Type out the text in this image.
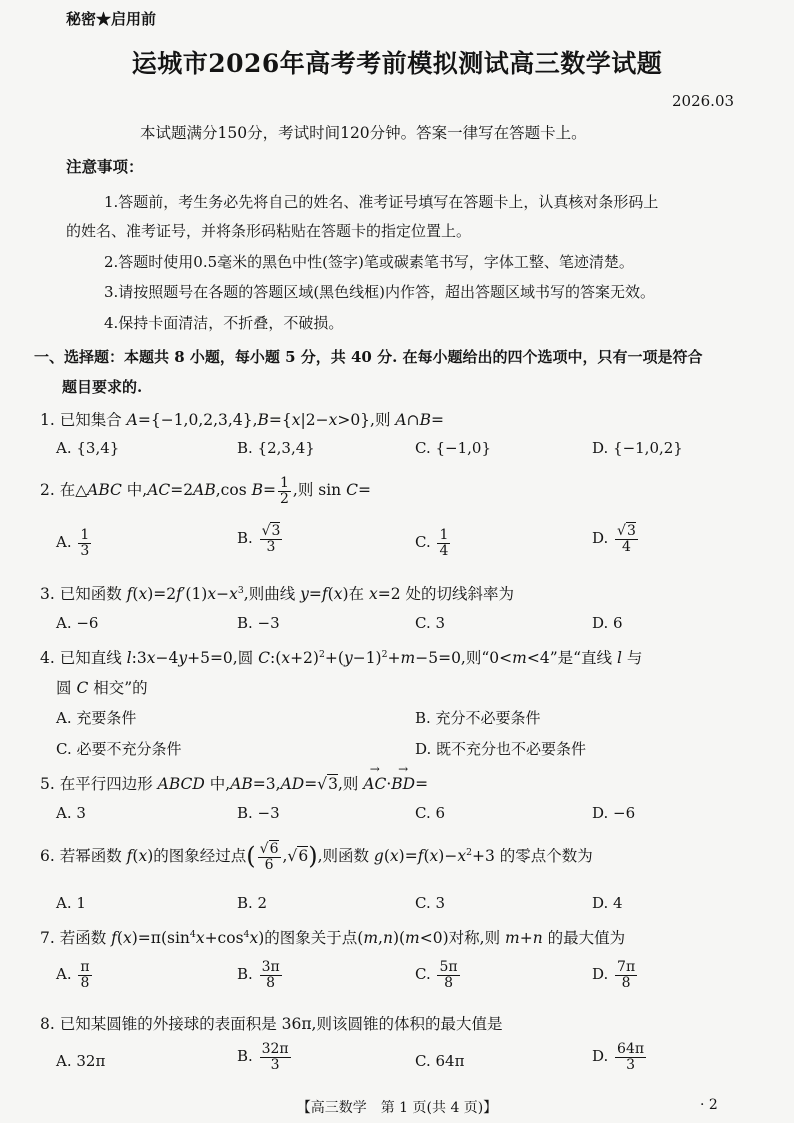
秘密★启用前
运城市2026年高考考前模拟测试高三数学试题
2026.03
本试题满分150分，考试时间120分钟。答案一律写在答题卡上。
注意事项：
1.答题前，考生务必先将自己的姓名、准考证号填写在答题卡上，认真核对条形码上
的姓名、准考证号，并将条形码粘贴在答题卡的指定位置上。
2.答题时使用0.5毫米的黑色中性(签字)笔或碳素笔书写，字体工整、笔迹清楚。
3.请按照题号在各题的答题区域(黑色线框)内作答，超出答题区域书写的答案无效。
4.保持卡面清洁，不折叠，不破损。
一、选择题：本题共 8 小题，每小题 5 分，共 40 分. 在每小题给出的四个选项中，只有一项是符合
题目要求的.
1. 已知集合 A={−1,0,2,3,4},B={x|2−x>0},则 A∩B=
A. {3,4}	B. {2,3,4}	C. {−1,0}	D. {−1,0,2}
2. 在△ABC 中,AC=2AB,cos $B= \frac{1}{2}$ ,则 sin C=
A. $\frac{1}{3}$	B. $\frac{√3}{3}$	C. $\frac{1}{4}$	D. $\frac{√3}{4}$
3. 已知函数 $f(x)=2f'(1)x-x^3$,则曲线 y=f(x)在 x=2 处的切线斜率为
A. −6	B. −3	C. 3	D. 6
4. 已知直线 l:3x−4y+5=0,圆 $C:(x+2)^2+(y-1)^2+m-5=0$,则“0<m<4”是“直线 l 与
圆 C 相交”的
A. 充要条件	B. 充分不必要条件
C. 必要不充分条件	D. 既不充分也不必要条件
5. 在平行四边形 ABCD 中,AB=3,AD=√3,则 → AC·→ BD=
A. 3	B. −3	C. 6	D. −6
6. 若幂函数 f(x)的图象经过点( $\frac{√6}{6} ,√6$),则函数 $g(x)=f(x)-x^2+3$ 的零点个数为
A. 1	B. 2	C. 3	D. 4
7. 若函数 $f(x)=\pi(\sin^4x+\cos^4x)$的图象关于点(m,n)(m<0)对称,则 m+n 的最大值为
A. $\frac{\pi}{8}$	B. $\frac{3\pi}{8}$	C. $\frac{5\pi}{8}$	D. $\frac{7\pi}{8}$
8. 已知某圆锥的外接球的表面积是 36π,则该圆锥的体积的最大值是
A. 32π	B. $\frac{32\pi}{3}$	C. 64π	D. $\frac{64\pi}{3}$
【高三数学　第 1 页(共 4 页)】	· 2
